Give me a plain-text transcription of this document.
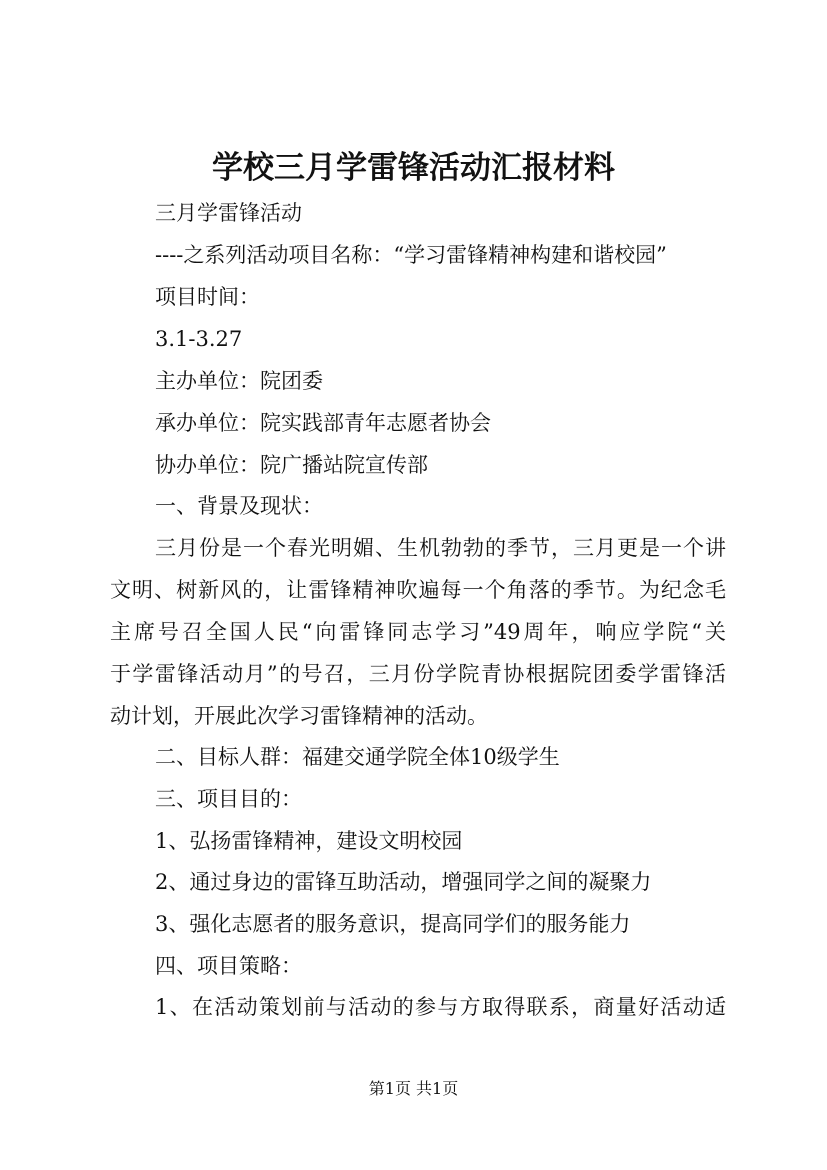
学校三月学雷锋活动汇报材料
三月学雷锋活动
----之系列活动项目名称：“学习雷锋精神构建和谐校园”
项目时间：
3.1-3.27
主办单位：院团委
承办单位：院实践部青年志愿者协会
协办单位：院广播站院宣传部
一、背景及现状：
三月份是一个春光明媚、生机勃勃的季节，三月更是一个讲
文明、树新风的，让雷锋精神吹遍每一个角落的季节。为纪念毛
主席号召全国人民“向雷锋同志学习”49周年，响应学院“关
于学雷锋活动月”的号召，三月份学院青协根据院团委学雷锋活
动计划，开展此次学习雷锋精神的活动。
二、目标人群：福建交通学院全体10级学生
三、项目目的：
1、弘扬雷锋精神，建设文明校园
2、通过身边的雷锋互助活动，增强同学之间的凝聚力
3、强化志愿者的服务意识，提高同学们的服务能力
四、项目策略：
1、在活动策划前与活动的参与方取得联系，商量好活动适
第1页 共1页
